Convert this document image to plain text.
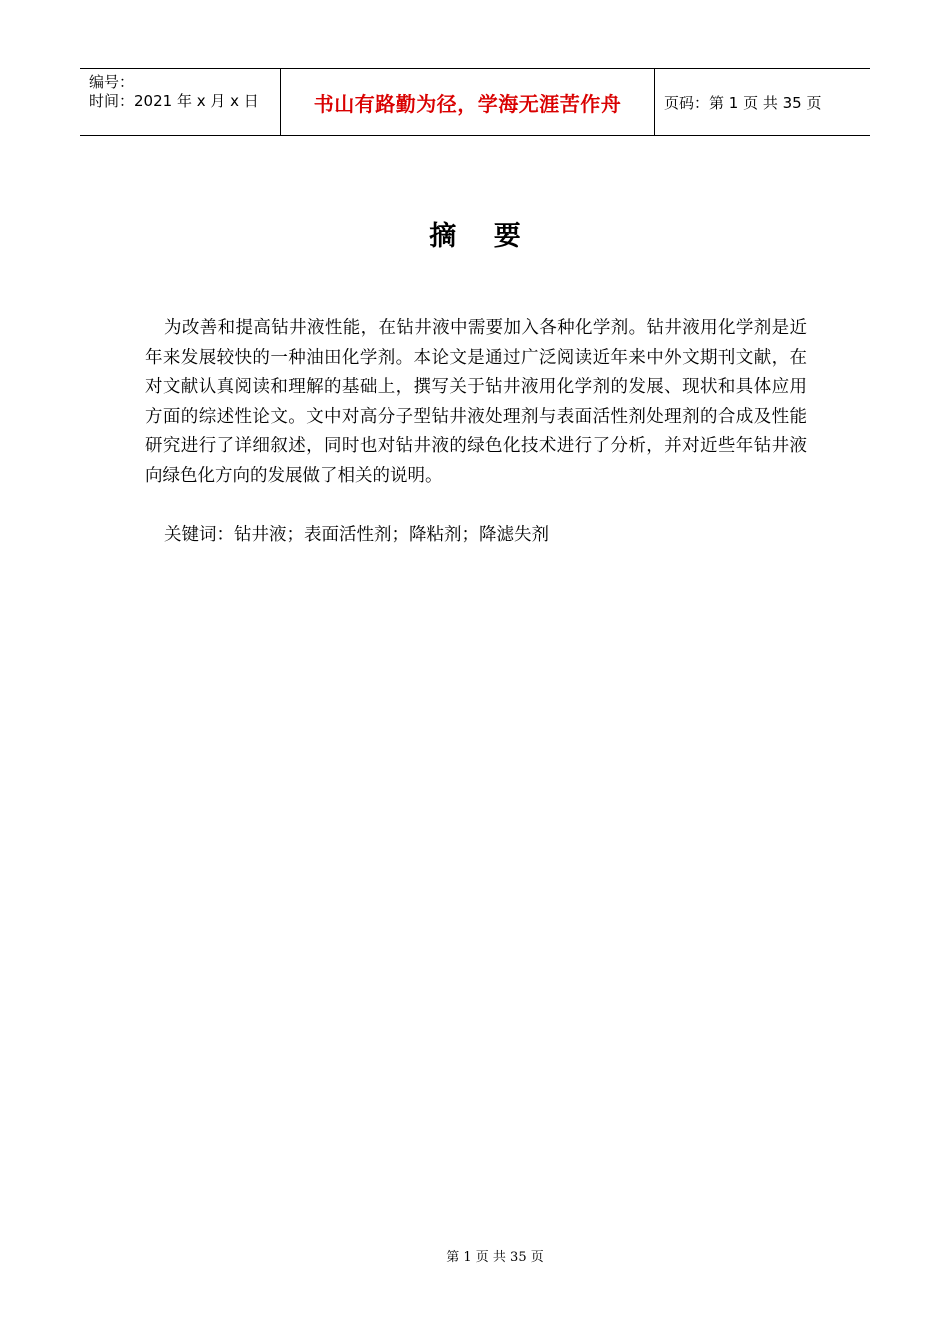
编号：
时间：2021 年 x 月 x 日	书山有路勤为径，学海无涯苦作舟	页码：第 1 页 共 35 页
摘 要

为改善和提高钻井液性能，在钻井液中需要加入各种化学剂。钻井液用化学剂是近年来发展较快的一种油田化学剂。本论文是通过广泛阅读近年来中外文期刊文献，在对文献认真阅读和理解的基础上，撰写关于钻井液用化学剂的发展、现状和具体应用方面的综述性论文。文中对高分子型钻井液处理剂与表面活性剂处理剂的合成及性能研究进行了详细叙述，同时也对钻井液的绿色化技术进行了分析，并对近些年钻井液向绿色化方向的发展做了相关的说明。

关键词：钻井液；表面活性剂；降粘剂；降滤失剂
第 1 页 共 35 页
